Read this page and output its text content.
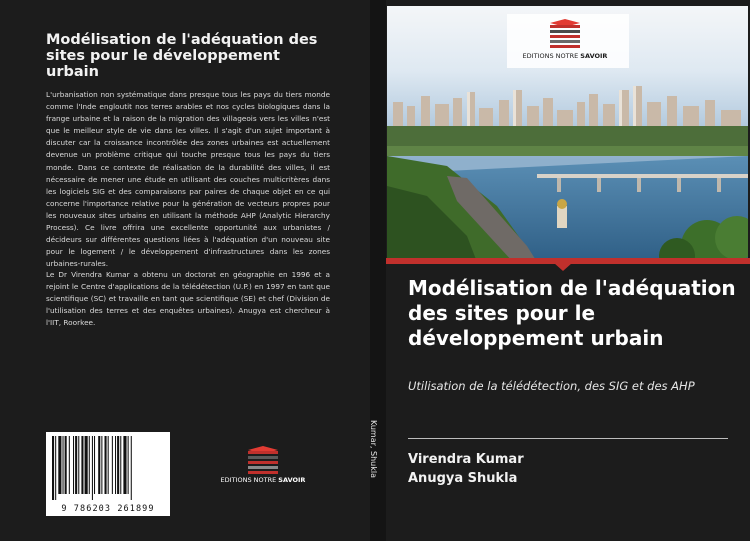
Modélisation de l'adéquation des sites pour le développement urbain

L'urbanisation non systématique dans presque tous les pays du tiers monde comme l'Inde engloutit nos terres arables et nos cycles biologiques dans la frange urbaine et la raison de la migration des villageois vers les villes n'est que le meilleur style de vie dans les villes. Il s'agit d'un sujet important à discuter car la croissance incontrôlée des zones urbaines est actuellement devenue un problème critique qui touche presque tous les pays du tiers monde. Dans ce contexte de réalisation de la durabilité des villes, il est nécessaire de mener une étude en utilisant des couches multicritères dans les logiciels SIG et des comparaisons par paires de chaque objet en ce qui concerne l'importance relative pour la génération de vecteurs propres pour les nouveaux sites urbains en utilisant la méthode AHP (Analytic Hierarchy Process). Ce livre offrira une excellente opportunité aux urbanistes / décideurs sur différentes questions liées à l'adéquation d'un nouveau site pour le logement / le développement d'infrastructures dans les zones urbaines-rurales.

Le Dr Virendra Kumar a obtenu un doctorat en géographie en 1996 et a rejoint le Centre d'applications de la télédétection (U.P.) en 1997 en tant que scientifique (SC) et travaille en tant que scientifique (SE) et chef (Division de l'utilisation des terres et des enquêtes urbaines). Anugya est chercheur à l'IIT, Roorkee.

9 786203 261899
EDITIONS NOTRE SAVOIR
Kumar, Shukla
EDITIONS NOTRE SAVOIR
Modélisation de l'adéquation des sites pour le développement urbain

Utilisation de la télédétection, des SIG et des AHP

Virendra Kumar
Anugya Shukla
